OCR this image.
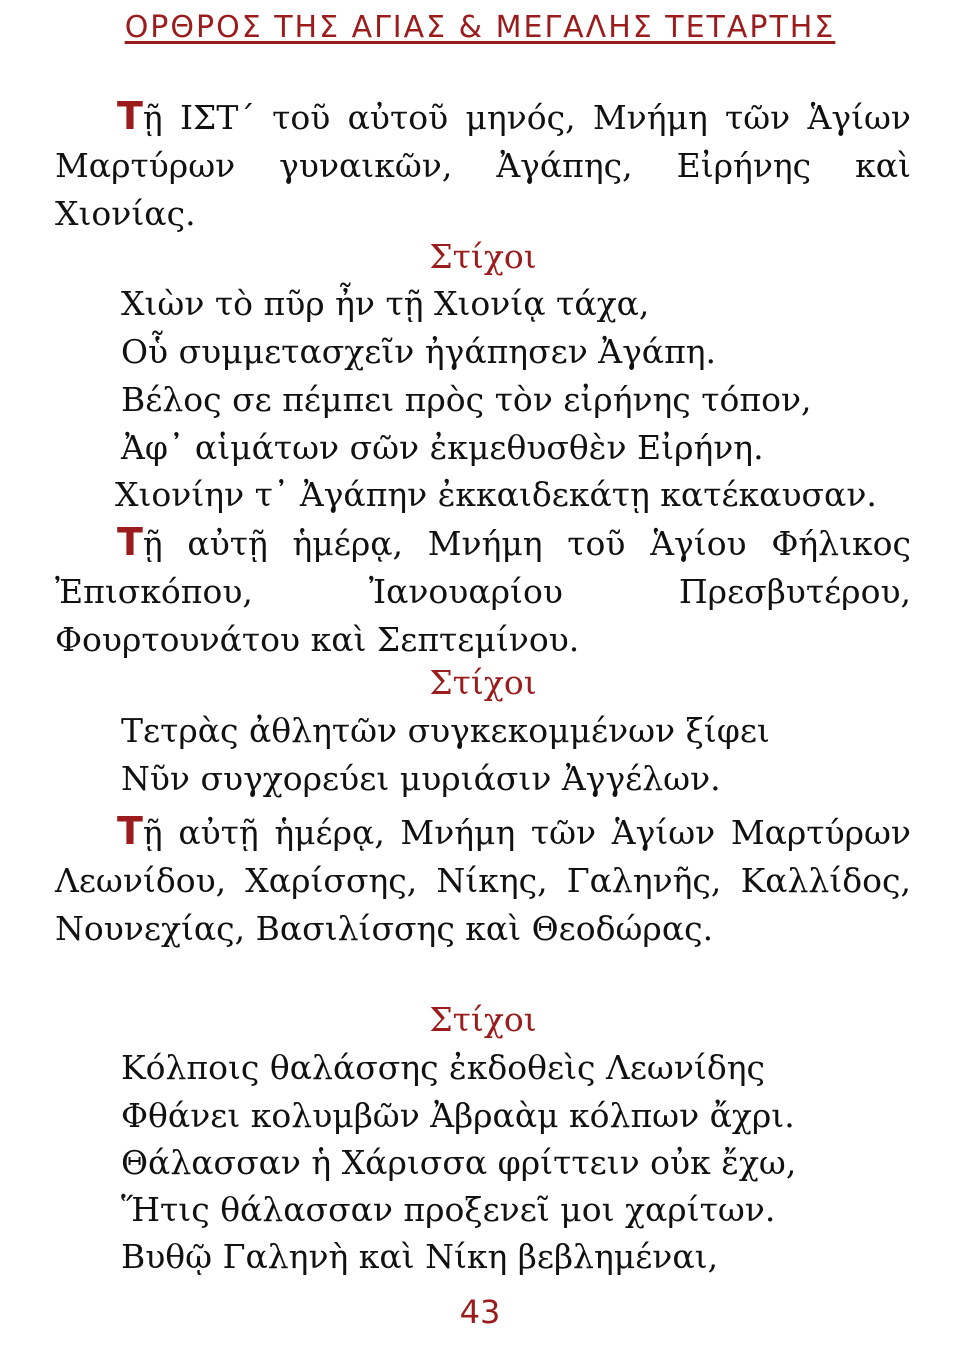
ΟΡΘΡΟΣ ΤΗΣ ΑΓΙΑΣ & ΜΕΓΑΛΗΣ ΤΕΤΑΡΤΗΣ
Τῇ ΙΣΤ΄ τοῦ αὐτοῦ μηνός, Μνήμη τῶν Ἁγίων Μαρτύρων γυναικῶν, Ἀγάπης, Εἰρήνης καὶ Χιονίας.
Στίχοι
Χιὼν τὸ πῦρ ἦν τῇ Χιονίᾳ τάχα,
Οὗ συμμετασχεῖν ἠγάπησεν Ἀγάπη.
Βέλος σε πέμπει πρὸς τὸν εἰρήνης τόπον,
Ἀφ᾽ αἱμάτων σῶν ἐκμεθυσθὲν Εἰρήνη.
Χιονίην τ᾽ Ἀγάπην ἐκκαιδεκάτῃ κατέκαυσαν.
Τῇ αὐτῇ ἡμέρᾳ, Μνήμη τοῦ Ἁγίου Φήλικος Ἐπισκόπου, Ἰανουαρίου Πρεσβυτέρου, Φουρτουνάτου καὶ Σεπτεμίνου.
Στίχοι
Τετρὰς ἀθλητῶν συγκεκομμένων ξίφει
Νῦν συγχορεύει μυριάσιν Ἀγγέλων.
Τῇ αὐτῇ ἡμέρᾳ, Μνήμη τῶν Ἁγίων Μαρτύρων Λεωνίδου, Χαρίσσης, Νίκης, Γαληνῆς, Καλλίδος, Νουνεχίας, Βασιλίσσης καὶ Θεοδώρας.
Στίχοι
Κόλποις θαλάσσης ἐκδοθεὶς Λεωνίδης
Φθάνει κολυμβῶν Ἀβραὰμ κόλπων ἄχρι.
Θάλασσαν ἡ Χάρισσα φρίττειν οὐκ ἔχω,
Ἥτις θάλασσαν προξενεῖ μοι χαρίτων.
Βυθῷ Γαληνὴ καὶ Νίκη βεβλημέναι,
43
